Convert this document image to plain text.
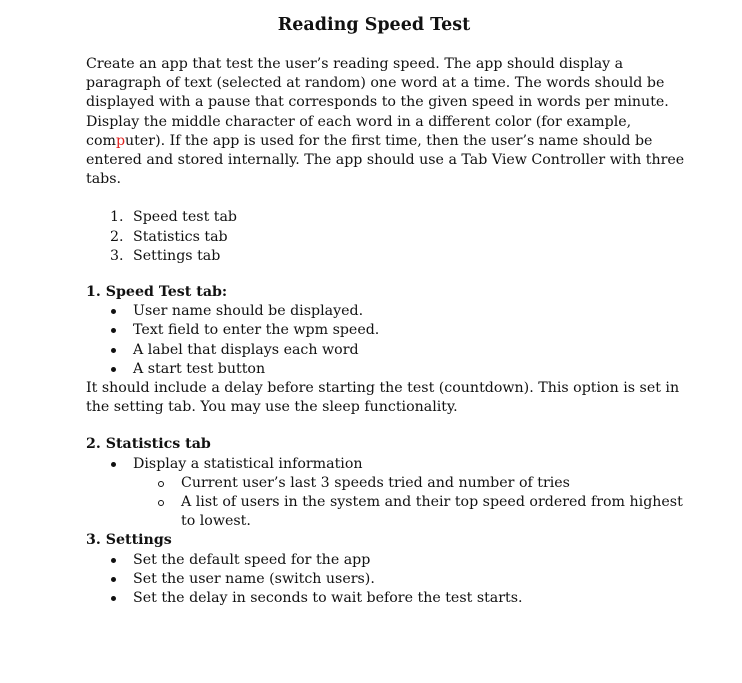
Reading Speed Test

Create an app that test the user’s reading speed. The app should display a paragraph of text (selected at random) one word at a time. The words should be displayed with a pause that corresponds to the given speed in words per minute. Display the middle character of each word in a different color (for example, computer). If the app is used for the first time, then the user’s name should be entered and stored internally. The app should use a Tab View Controller with three tabs.

1. Speed test tab
2. Statistics tab
3. Settings tab
1. Speed Test tab:
User name should be displayed.
Text field to enter the wpm speed.
A label that displays each word
A start test button

It should include a delay before starting the test (countdown). This option is set in the setting tab. You may use the sleep functionality.

2. Statistics tab
Display a statistical information
Current user’s last 3 speeds tried and number of tries
A list of users in the system and their top speed ordered from highest to lowest.
3. Settings
Set the default speed for the app
Set the user name (switch users).
Set the delay in seconds to wait before the test starts.
